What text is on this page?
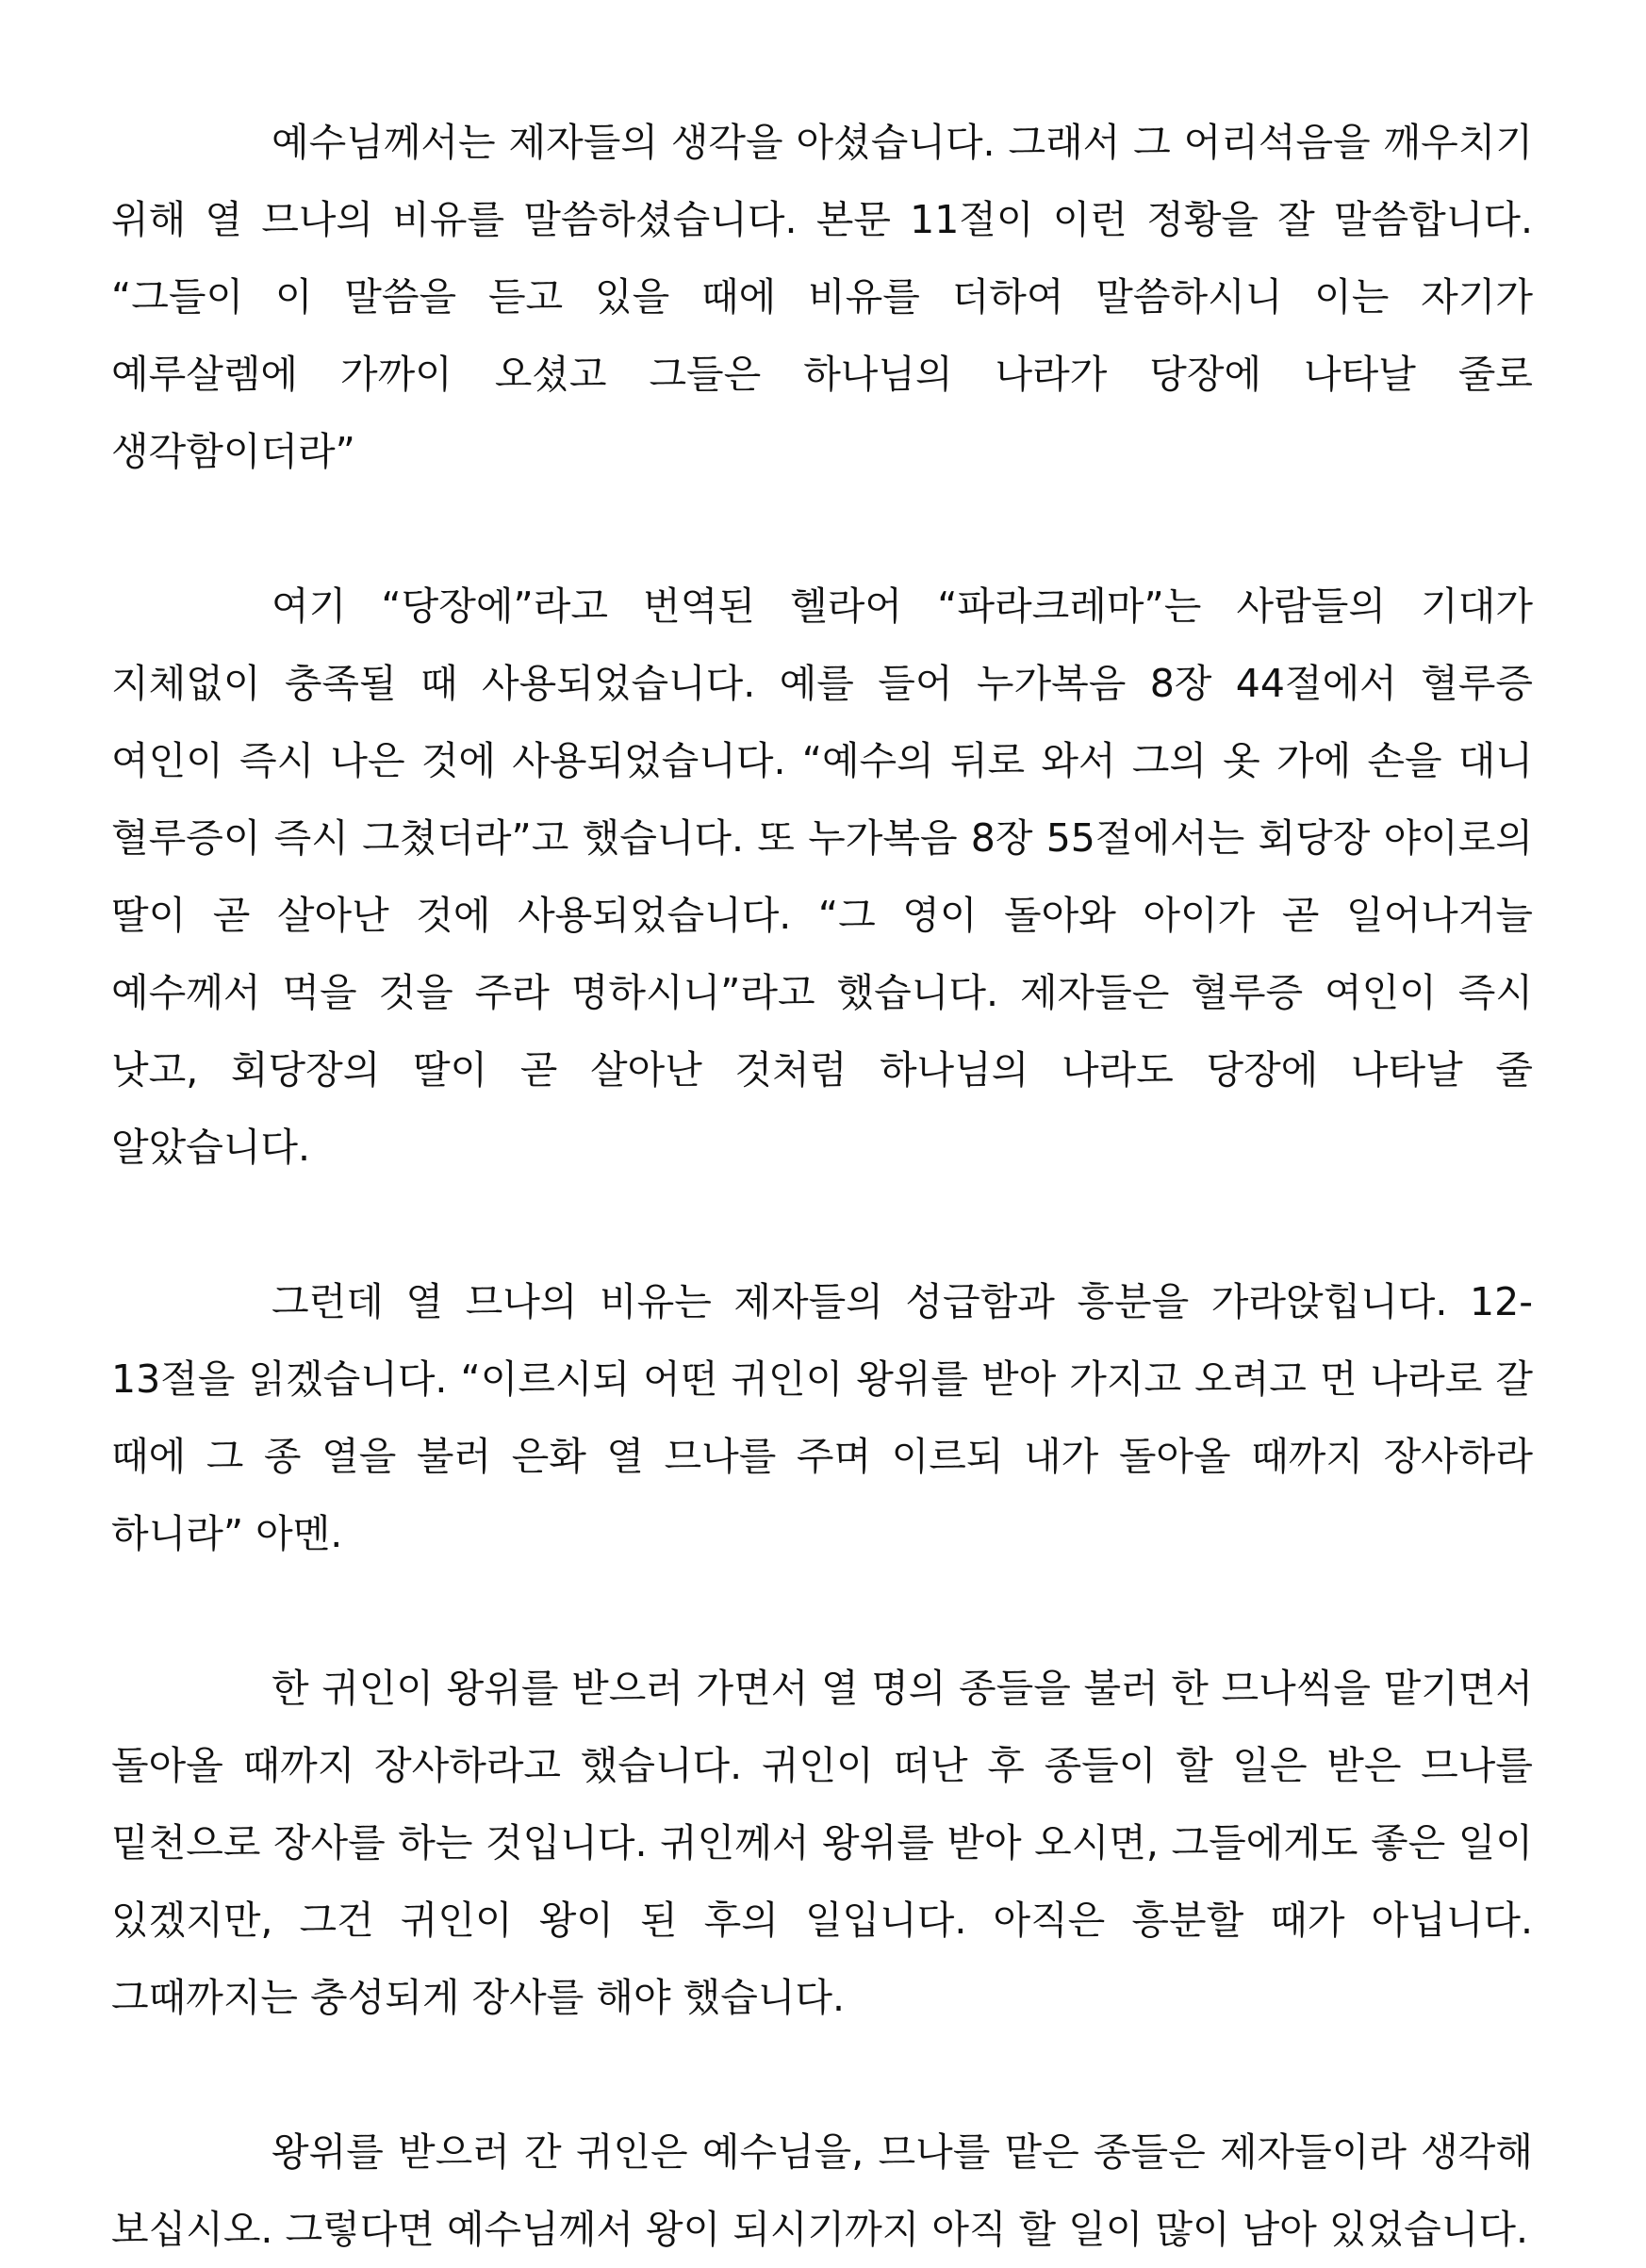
예수님께서는 제자들의 생각을 아셨습니다. 그래서 그 어리석음을 깨우치기 위해 열 므나의 비유를 말씀하셨습니다. 본문 11절이 이런 정황을 잘 말씀합니다. “그들이 이 말씀을 듣고 있을 때에 비유를 더하여 말씀하시니 이는 자기가 예루살렘에 가까이 오셨고 그들은 하나님의 나라가 당장에 나타날 줄로 생각함이더라”

여기 “당장에”라고 번역된 헬라어 “파라크레마”는 사람들의 기대가 지체없이 충족될 때 사용되었습니다. 예를 들어 누가복음 8장 44절에서 혈루증 여인이 즉시 나은 것에 사용되었습니다. “예수의 뒤로 와서 그의 옷 가에 손을 대니 혈루증이 즉시 그쳤더라”고 했습니다. 또 누가복음 8장 55절에서는 회당장 야이로의 딸이 곧 살아난 것에 사용되었습니다. “그 영이 돌아와 아이가 곧 일어나거늘 예수께서 먹을 것을 주라 명하시니”라고 했습니다. 제자들은 혈루증 여인이 즉시 낫고, 회당장의 딸이 곧 살아난 것처럼 하나님의 나라도 당장에 나타날 줄 알았습니다.

그런데 열 므나의 비유는 제자들의 성급함과 흥분을 가라앉힙니다. 12-13절을 읽겠습니다. “이르시되 어떤 귀인이 왕위를 받아 가지고 오려고 먼 나라로 갈 때에 그 종 열을 불러 은화 열 므나를 주며 이르되 내가 돌아올 때까지 장사하라 하니라” 아멘.

한 귀인이 왕위를 받으러 가면서 열 명의 종들을 불러 한 므나씩을 맡기면서 돌아올 때까지 장사하라고 했습니다. 귀인이 떠난 후 종들이 할 일은 받은 므나를 밑천으로 장사를 하는 것입니다. 귀인께서 왕위를 받아 오시면, 그들에게도 좋은 일이 있겠지만, 그건 귀인이 왕이 된 후의 일입니다. 아직은 흥분할 때가 아닙니다. 그때까지는 충성되게 장사를 해야 했습니다.

왕위를 받으러 간 귀인은 예수님을, 므나를 맡은 종들은 제자들이라 생각해 보십시오. 그렇다면 예수님께서 왕이 되시기까지 아직 할 일이 많이 남아 있었습니다.
